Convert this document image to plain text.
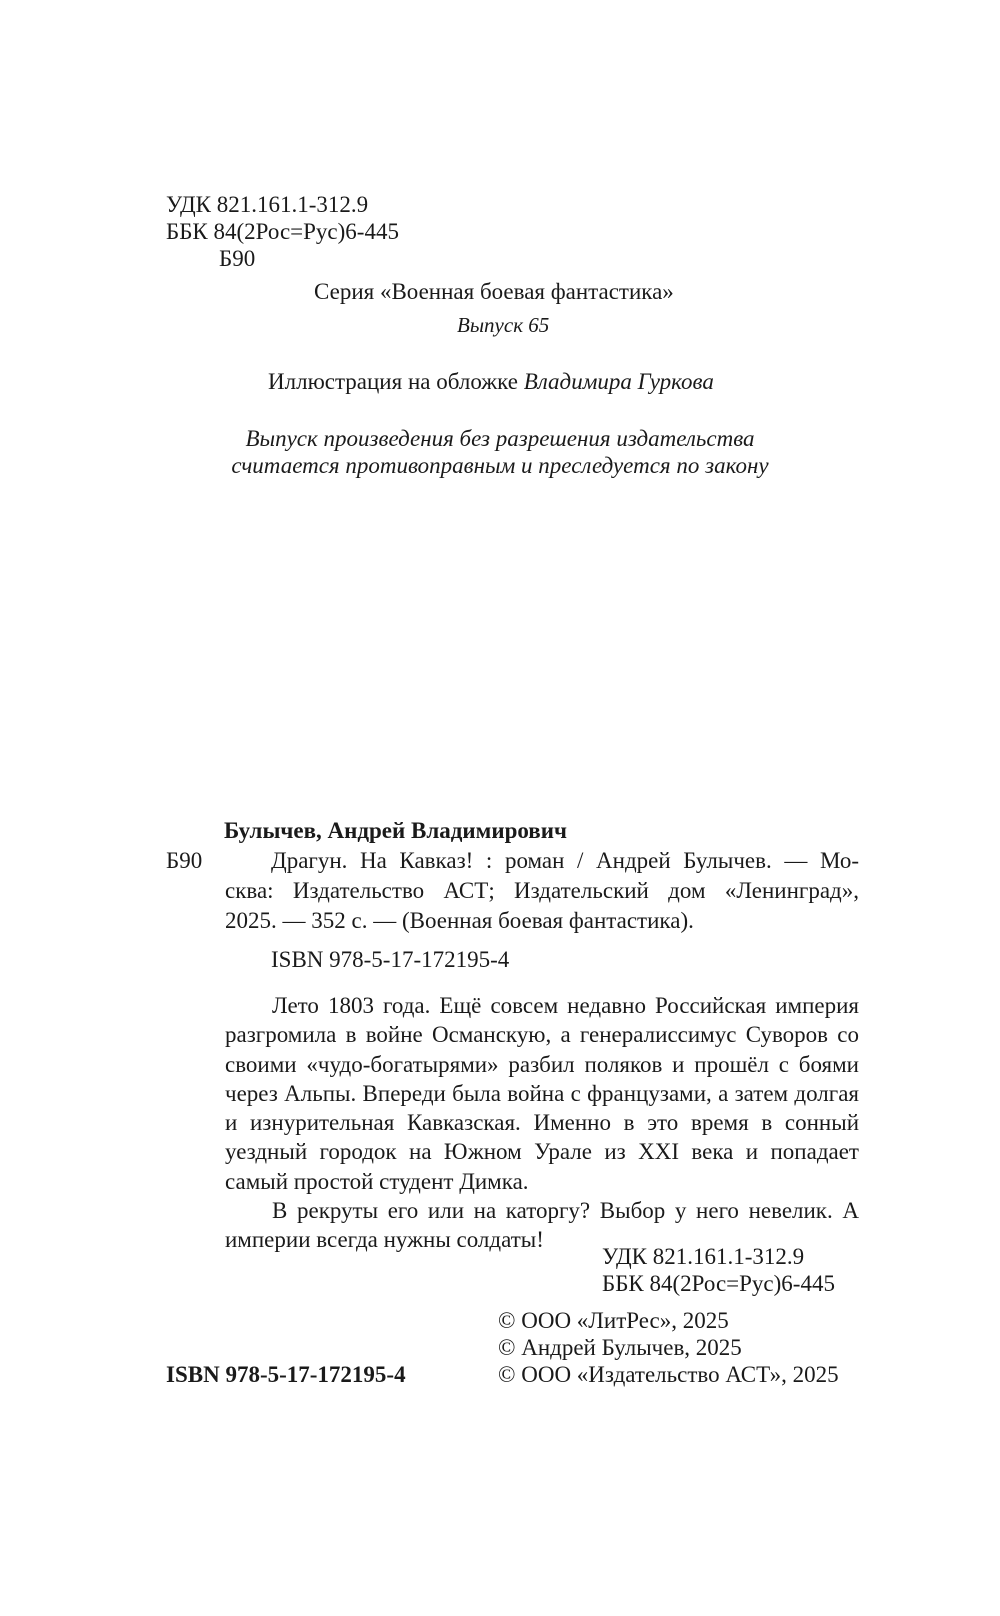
УДК 821.161.1-312.9
ББК 84(2Рос=Рус)6-445
Б90
Серия «Военная боевая фантастика»
Выпуск 65
Иллюстрация на обложке Владимира Гуркова
Выпуск произведения без разрешения издательства
считается противоправным и преследуется по закону
Булычев, Андрей Владимирович
Б90	Драгун. На Кавказ! : роман / Андрей Булычев. — Мо-
сква: Издательство АСТ; Издательский дом «Ленинград»,
2025. — 352 с. — (Военная боевая фантастика).
ISBN 978-5-17-172195-4

Лето 1803 года. Ещё совсем недавно Российская империя разгромила в войне Османскую, а генералиссимус Суворов со своими «чудо-богатырями» разбил поляков и прошёл с боями через Альпы. Впереди была война с французами, а затем долгая и изнурительная Кавказская. Именно в это время в сонный уездный городок на Южном Урале из XXI века и попадает самый простой студент Димка.

В рекруты его или на каторгу? Выбор у него невелик. А империи всегда нужны солдаты!

УДК 821.161.1-312.9
ББК 84(2Рос=Рус)6-445
© ООО «ЛитРес», 2025
© Андрей Булычев, 2025
© ООО «Издательство АСТ», 2025
ISBN 978-5-17-172195-4
